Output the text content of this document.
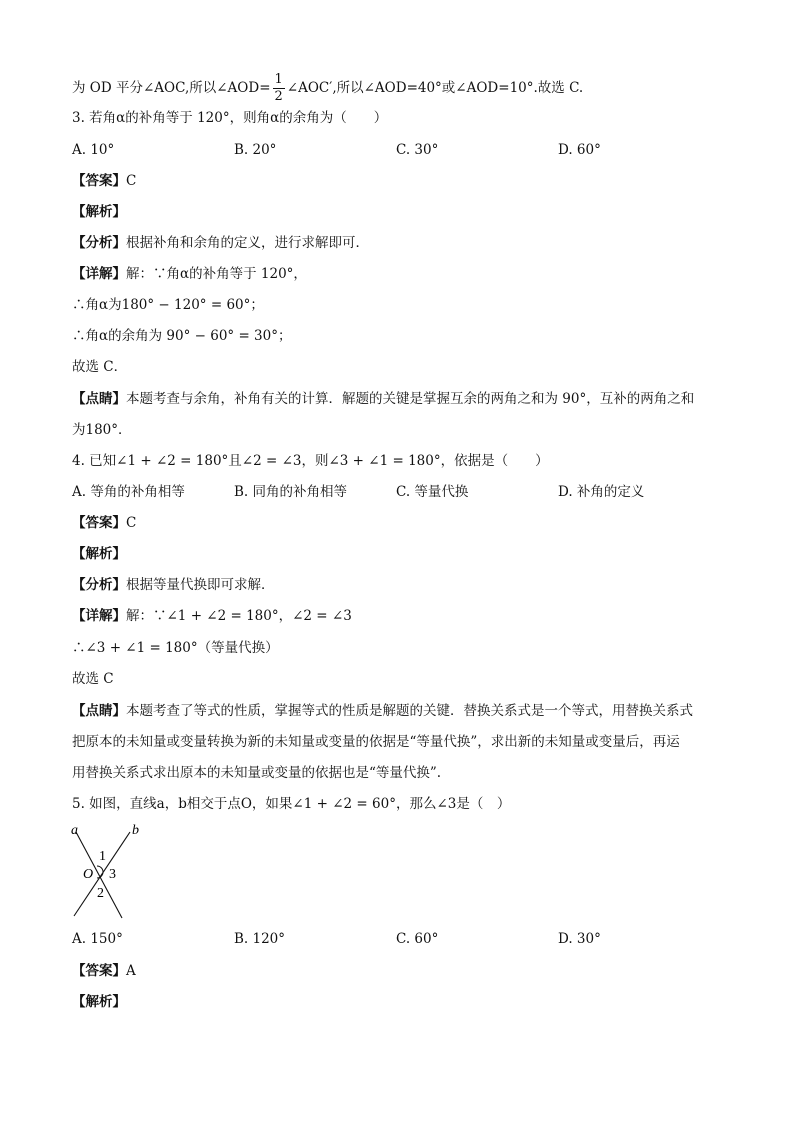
为 OD 平分∠AOC,所以∠AOD= $\frac{1}{2}$ ∠AOC′,所以∠AOD=40°或∠AOD=10°.故选 C.
3. 若角α的补角等于 120°，则角α的余角为（　　）
A. 10°	B. 20°	C. 30°	D. 60°
【答案】C
【解析】
【分析】根据补角和余角的定义，进行求解即可．
【详解】解：∵角α的补角等于 120°，
∴角α为180° − 120° = 60°；
∴角α的余角为 90° − 60° = 30°；
故选 C．
【点睛】本题考查与余角，补角有关的计算．解题的关键是掌握互余的两角之和为 90°，互补的两角之和
为180°．
4. 已知∠1 + ∠2 = 180°且∠2 = ∠3，则∠3 + ∠1 = 180°，依据是（　　）
A. 等角的补角相等	B. 同角的补角相等	C. 等量代换	D. 补角的定义
【答案】C
【解析】
【分析】根据等量代换即可求解．
【详解】解：∵∠1 + ∠2 = 180°，∠2 = ∠3
∴∠3 + ∠1 = 180°（等量代换）
故选 C
【点睛】本题考查了等式的性质，掌握等式的性质是解题的关键．替换关系式是一个等式，用替换关系式
把原本的未知量或变量转换为新的未知量或变量的依据是“等量代换”，求出新的未知量或变量后，再运
用替换关系式求出原本的未知量或变量的依据也是“等量代换”.
5. 如图，直线a，b相交于点O，如果∠1 + ∠2 = 60°，那么∠3是（　）
a	b
1
O 3
2
A. 150°	B. 120°	C. 60°	D. 30°
【答案】A
【解析】
